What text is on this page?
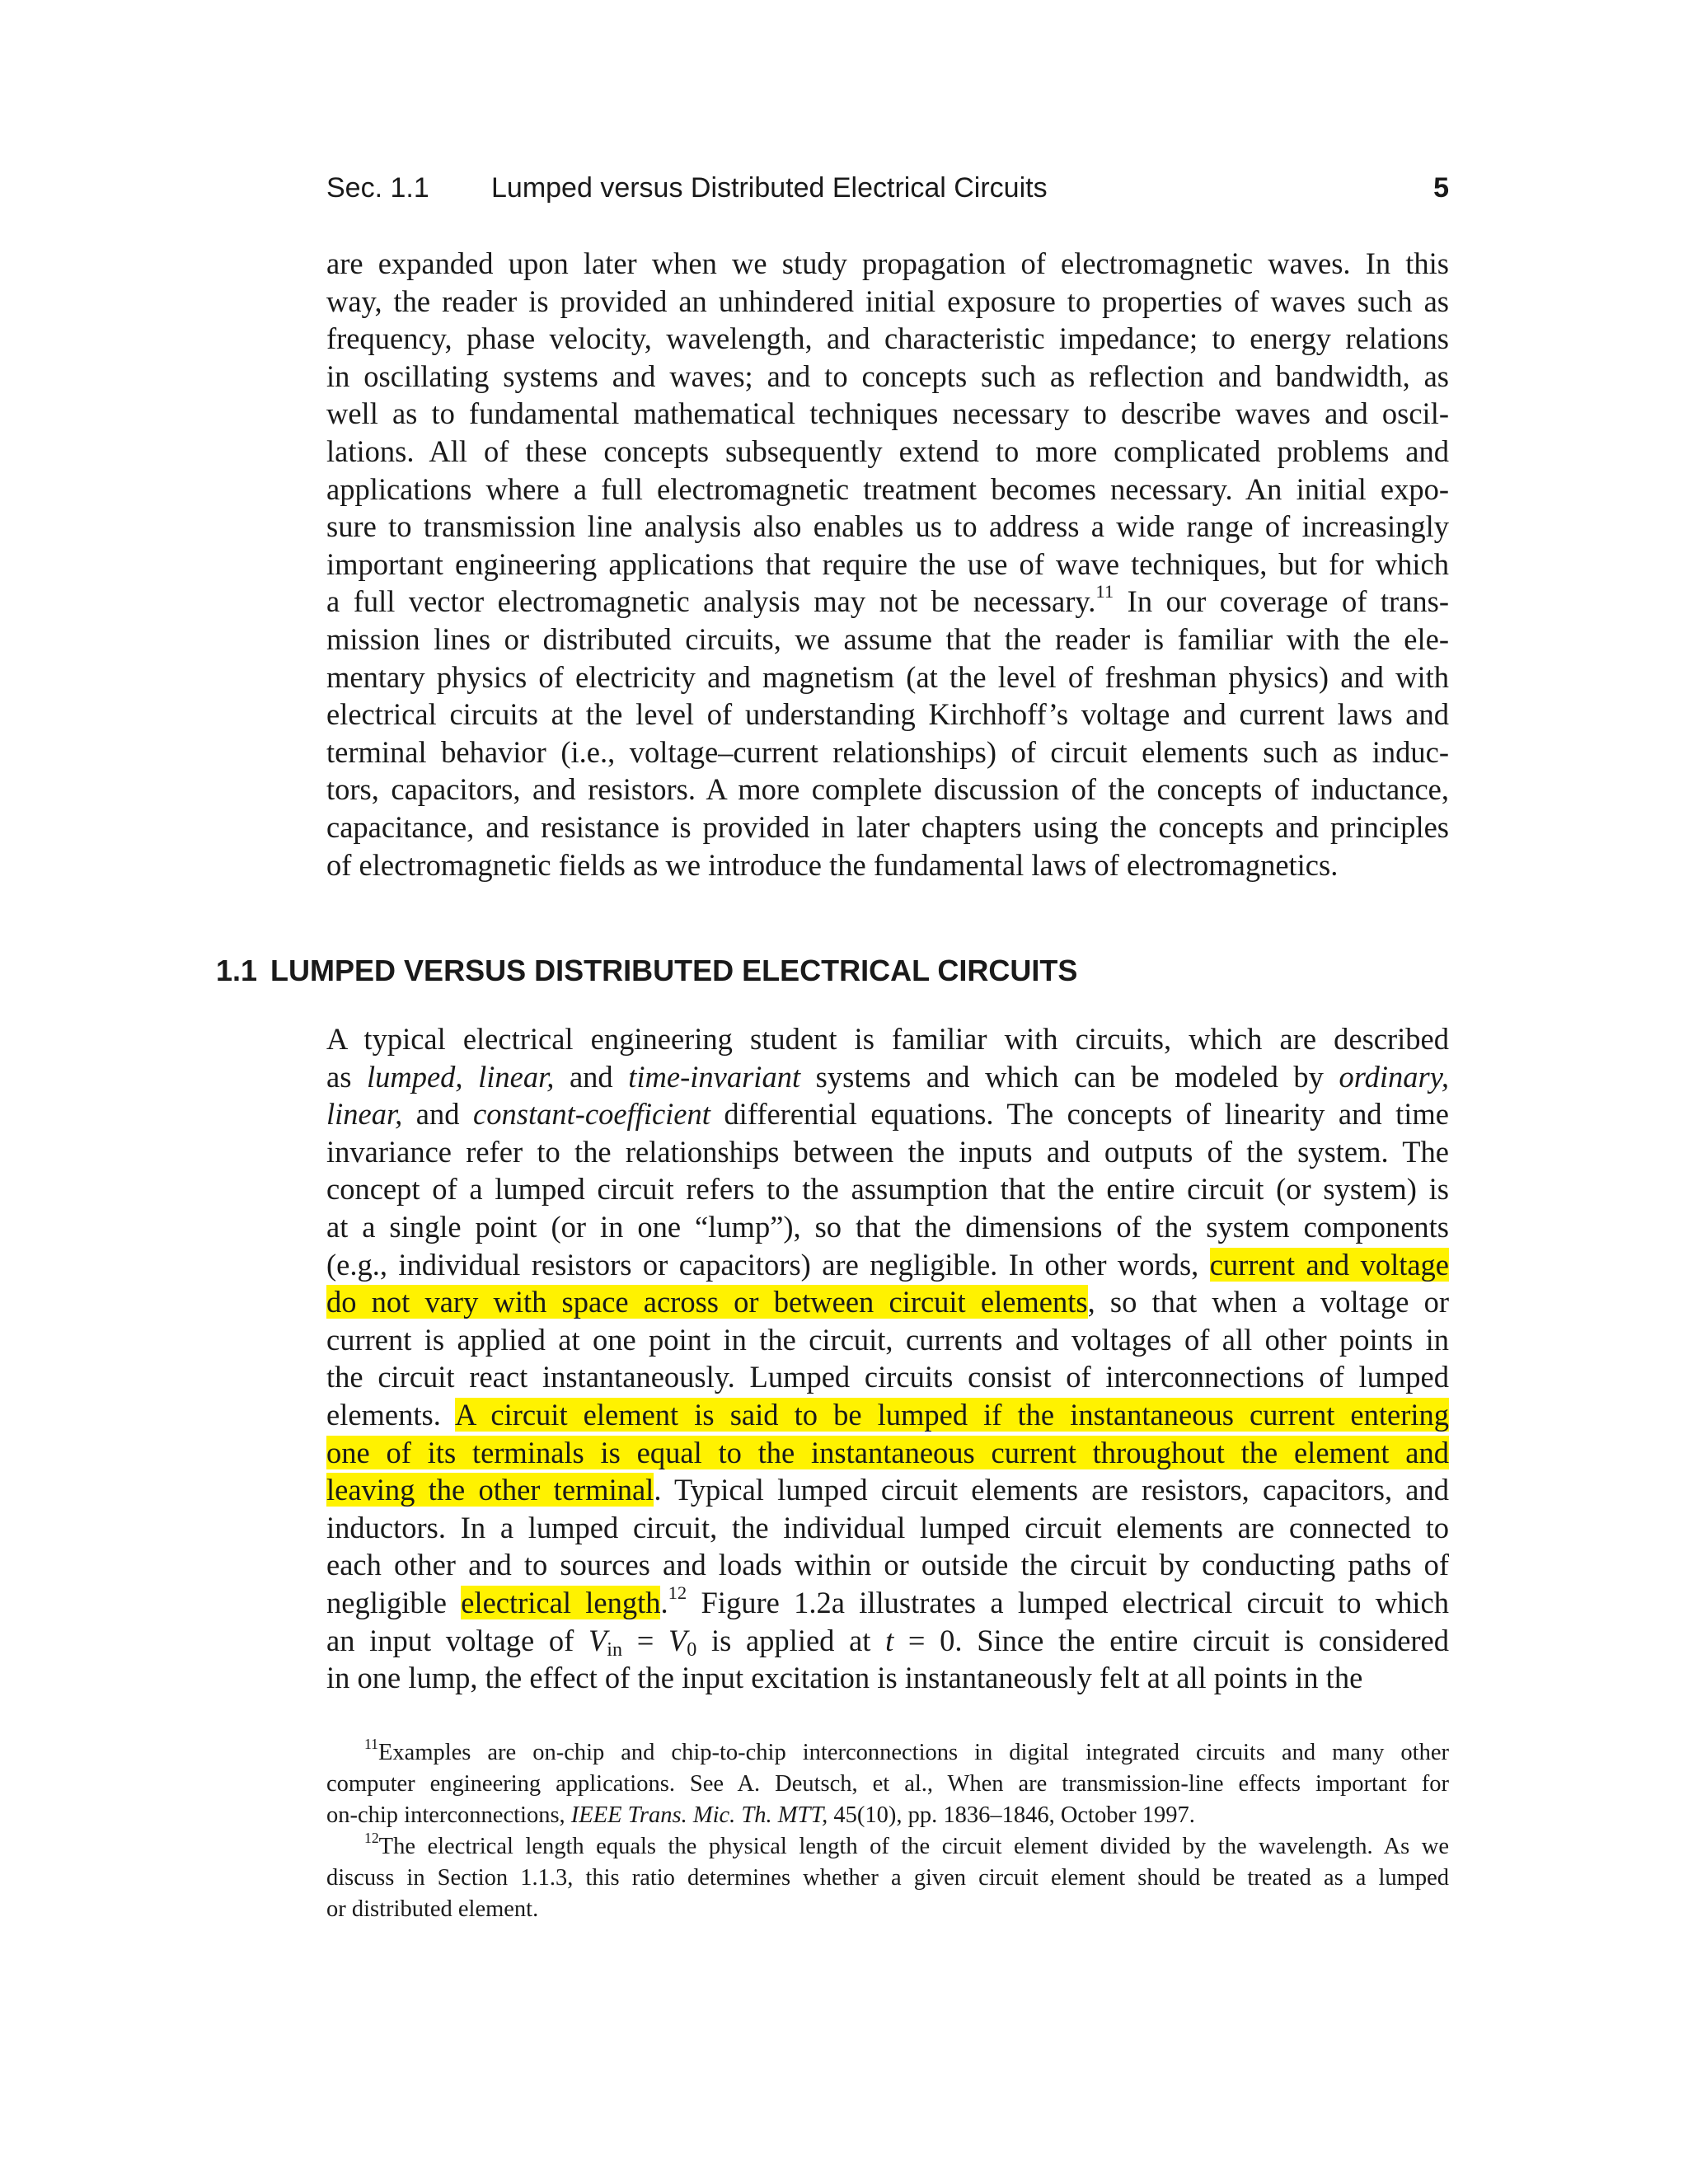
Sec. 1.1 Lumped versus Distributed Electrical Circuits	5
are expanded upon later when we study propagation of electromagnetic waves. In this
way, the reader is provided an unhindered initial exposure to properties of waves such as
frequency, phase velocity, wavelength, and characteristic impedance; to energy relations
in oscillating systems and waves; and to concepts such as reflection and bandwidth, as
well as to fundamental mathematical techniques necessary to describe waves and oscil-
lations. All of these concepts subsequently extend to more complicated problems and
applications where a full electromagnetic treatment becomes necessary. An initial expo-
sure to transmission line analysis also enables us to address a wide range of increasingly
important engineering applications that require the use of wave techniques, but for which
a full vector electromagnetic analysis may not be necessary.$^{11}$ In our coverage of trans-
mission lines or distributed circuits, we assume that the reader is familiar with the ele-
mentary physics of electricity and magnetism (at the level of freshman physics) and with
electrical circuits at the level of understanding Kirchhoff’s voltage and current laws and
terminal behavior (i.e., voltage–current relationships) of circuit elements such as induc-
tors, capacitors, and resistors. A more complete discussion of the concepts of inductance,
capacitance, and resistance is provided in later chapters using the concepts and principles
of electromagnetic fields as we introduce the fundamental laws of electromagnetics.
1.1 LUMPED VERSUS DISTRIBUTED ELECTRICAL CIRCUITS
A typical electrical engineering student is familiar with circuits, which are described
as lumped, linear, and time-invariant systems and which can be modeled by ordinary,
linear, and constant-coefficient differential equations. The concepts of linearity and time
invariance refer to the relationships between the inputs and outputs of the system. The
concept of a lumped circuit refers to the assumption that the entire circuit (or system) is
at a single point (or in one “lump”), so that the dimensions of the system components
(e.g., individual resistors or capacitors) are negligible. In other words, current and voltage
do not vary with space across or between circuit elements, so that when a voltage or
current is applied at one point in the circuit, currents and voltages of all other points in
the circuit react instantaneously. Lumped circuits consist of interconnections of lumped
elements. A circuit element is said to be lumped if the instantaneous current entering
one of its terminals is equal to the instantaneous current throughout the element and
leaving the other terminal. Typical lumped circuit elements are resistors, capacitors, and
inductors. In a lumped circuit, the individual lumped circuit elements are connected to
each other and to sources and loads within or outside the circuit by conducting paths of
negligible electrical length.$^{12}$ Figure 1.2a illustrates a lumped electrical circuit to which
an input voltage of $V_{in} = V_0$ is applied at t = 0. Since the entire circuit is considered
in one lump, the effect of the input excitation is instantaneously felt at all points in the
$^{11}$Examples are on-chip and chip-to-chip interconnections in digital integrated circuits and many other
computer engineering applications. See A. Deutsch, et al., When are transmission-line effects important for
on-chip interconnections, IEEE Trans. Mic. Th. MTT, 45(10), pp. 1836–1846, October 1997.
$^{12}$The electrical length equals the physical length of the circuit element divided by the wavelength. As we
discuss in Section 1.1.3, this ratio determines whether a given circuit element should be treated as a lumped
or distributed element.
